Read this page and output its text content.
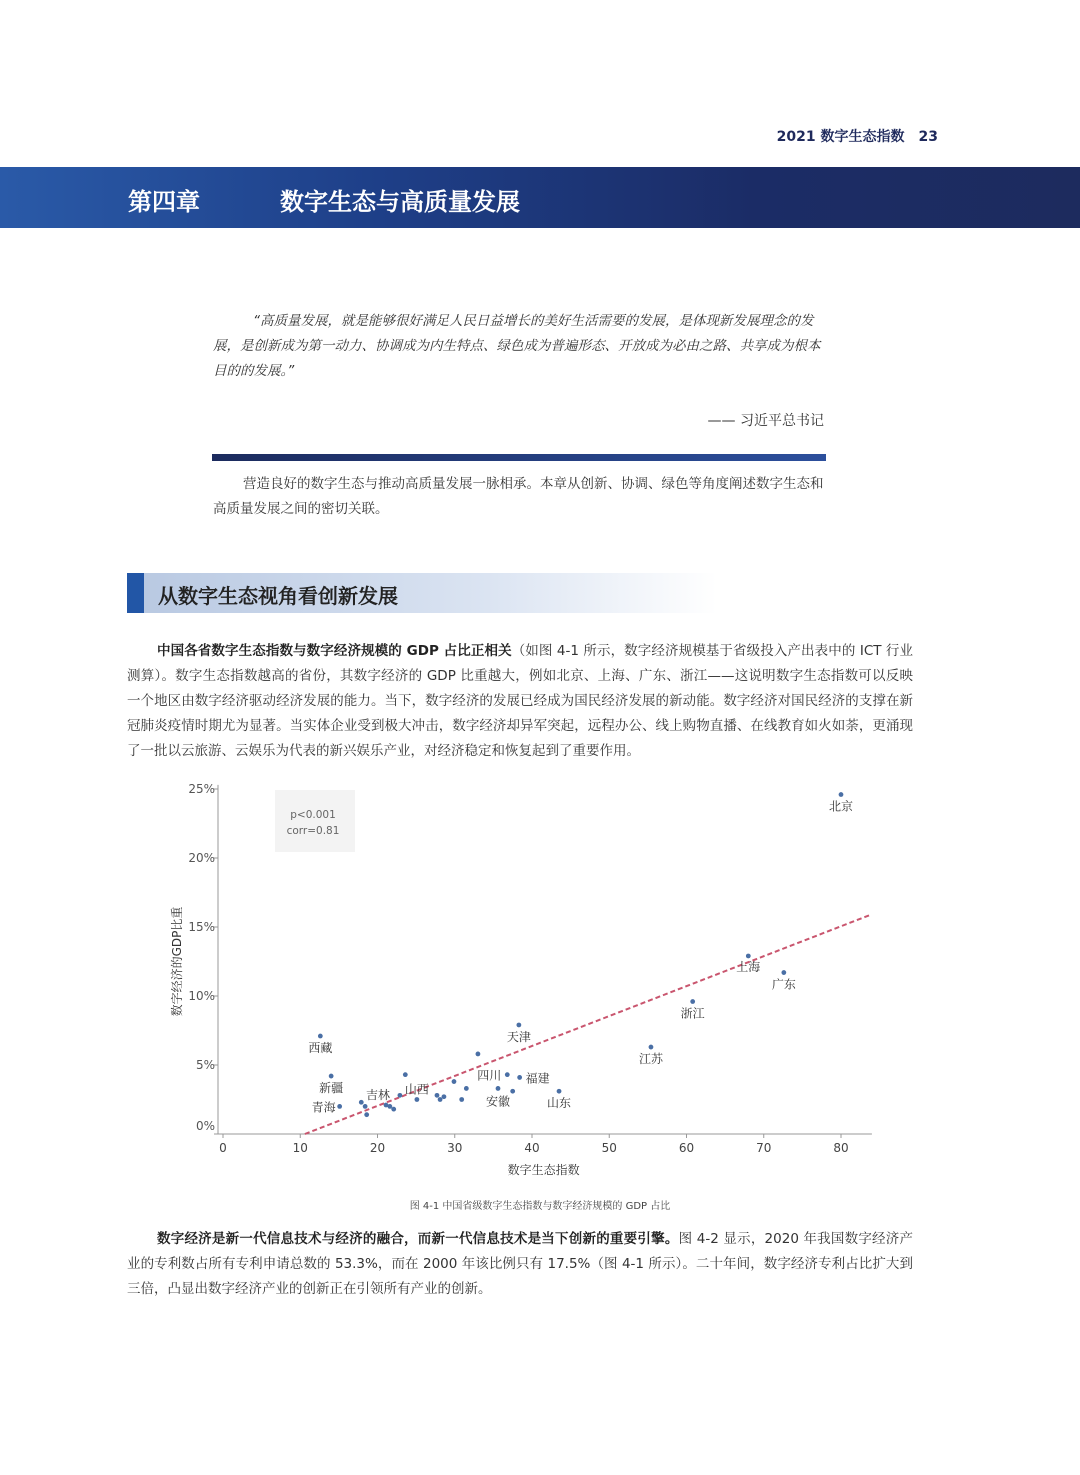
2021 数字生态指数 23
第四章	数字生态与高质量发展
“高质量发展，就是能够很好满足人民日益增长的美好生活需要的发展，是体现新发展理念的发展，是创新成为第一动力、协调成为内生特点、绿色成为普遍形态、开放成为必由之路、共享成为根本目的的发展。”
—— 习近平总书记
营造良好的数字生态与推动高质量发展一脉相承。本章从创新、协调、绿色等角度阐述数字生态和高质量发展之间的密切关联。
从数字生态视角看创新发展
中国各省数字生态指数与数字经济规模的 GDP 占比正相关（如图 4-1 所示，数字经济规模基于省级投入产出表中的 ICT 行业测算）。数字生态指数越高的省份，其数字经济的 GDP 比重越大，例如北京、上海、广东、浙江——这说明数字生态指数可以反映一个地区由数字经济驱动经济发展的能力。当下，数字经济的发展已经成为国民经济发展的新动能。数字经济对国民经济的支撑在新冠肺炎疫情时期尤为显著。当实体企业受到极大冲击，数字经济却异军突起，远程办公、线上购物直播、在线教育如火如荼，更涌现了一批以云旅游、云娱乐为代表的新兴娱乐产业，对经济稳定和恢复起到了重要作用。
0	10	20	30	40	50	60	70	80
0%
5%
10%
15%
20%
25%
数字生态指数
数字经济的GDP比重
p<0.001
corr=0.81
北京
上海
广东
浙江
江苏
天津
山东
西藏
新疆
青海
四川 福建
安徽
吉林 山西
图 4-1 中国省级数字生态指数与数字经济规模的 GDP 占比
数字经济是新一代信息技术与经济的融合，而新一代信息技术是当下创新的重要引擎。图 4-2 显示，2020 年我国数字经济产业的专利数占所有专利申请总数的 53.3%，而在 2000 年该比例只有 17.5%（图 4-1 所示）。二十年间，数字经济专利占比扩大到三倍，凸显出数字经济产业的创新正在引领所有产业的创新。
